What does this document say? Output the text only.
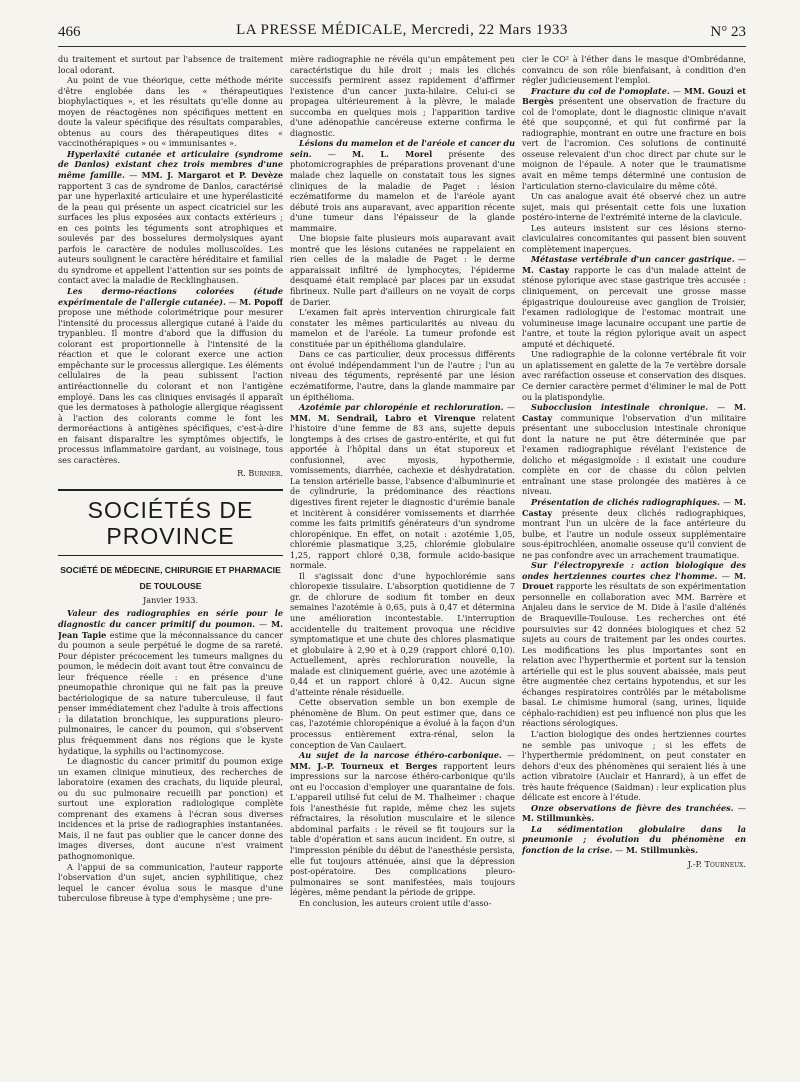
466	LA PRESSE MÉDICALE, Mercredi, 22 Mars 1933	N° 23

du traitement et surtout par l'absence de traitement local odorant.

Au point de vue théorique, cette méthode mérite d'être englobée dans les « thérapeutiques biophylactiques », et les résultats qu'elle donne au moyen de réactogènes non spécifiques mettent en doute la valeur spécifique des résultats comparables, obtenus au cours des thérapeutiques dites « vaccinothérapiques » ou « immunisantes ».

Hyperlaxité cutanée et articulaire (syndrome de Danlos) existant chez trois membres d'une même famille. — MM. J. Margarot et P. Devèze rapportent 3 cas de syndrome de Danlos, caractérisé par une hyperlaxité articulaire et une hyperélasticité de la peau qui présente un aspect cicatriciel sur les surfaces les plus exposées aux contacts extérieurs ; en ces points les téguments sont atrophiques et soulevés par des bosselures dermolysiques ayant parfois le caractère de nodules molluscoïdes. Les auteurs soulignent le caractère héréditaire et familial du syndrome et appellent l'attention sur ses points de contact avec la maladie de Recklinghausen.

Les dermo-réactions colorées (étude expérimentale de l'allergie cutanée). — M. Popoff propose une méthode colorimétrique pour mesurer l'intensité du processus allergique cutané à l'aide du trypanbleu. Il montre d'abord que la diffusion du colorant est proportionnelle à l'intensité de la réaction et que le colorant exerce une action empêchante sur le processus allergique. Les éléments cellulaires de la peau subissent l'action antiréactionnelle du colorant et non l'antigène employé. Dans les cas cliniques envisagés il apparaît que les dermatoses à pathologie allergique réagissent à l'action des colorants comme le font les dermoréactions à antigènes spécifiques, c'est-à-dire en faisant disparaître les symptômes objectifs, le processus inflammatoire gardant, au voisinage, tous ses caractères.

R. Burnier.

SOCIÉTÉS DE PROVINCE
SOCIÉTÉ DE MÉDECINE, CHIRURGIE ET PHARMACIE
DE TOULOUSE
Janvier 1933.

Valeur des radiographies en série pour le diagnostic du cancer primitif du poumon. — M. Jean Tapie estime que la méconnaissance du cancer du poumon a seule perpétué le dogme de sa rareté. Pour dépister précocement les tumeurs malignes du poumon, le médecin doit avant tout être convaincu de leur fréquence réelle : en présence d'une pneumopathie chronique qui ne fait pas la preuve bactériologique de sa nature tuberculeuse, il faut penser immédiatement chez l'adulte à trois affections : la dilatation bronchique, les suppurations pleuro-pulmonaires, le cancer du poumon, qui s'observent plus fréquemment dans nos régions que le kyste hydatique, la syphilis ou l'actinomycose.

Le diagnostic du cancer primitif du poumon exige un examen clinique minutieux, des recherches de laboratoire (examen des crachats, du liquide pleural, ou du suc pulmonaire recueilli par ponction) et surtout une exploration radiologique complète comprenant des examens à l'écran sous diverses incidences et la prise de radiographies instantanées. Mais, il ne faut pas oublier que le cancer donne des images diverses, dont aucune n'est vraiment pathognomonique.

A l'appui de sa communication, l'auteur rapporte l'observation d'un sujet, ancien syphilitique, chez lequel le cancer évolua sous le masque d'une tuberculose fibreuse à type d'emphysème ; une pre-

mière radiographie ne révéla qu'un empâtement peu caractéristique du hile droit ; mais les clichés successifs permirent assez rapidement d'affirmer l'existence d'un cancer juxta-hilaire. Celui-ci se propagea ultérieurement à la plèvre, le malade succomba en quelques mois ; l'apparition tardive d'une adénopathie cancéreuse externe confirma le diagnostic.

Lésions du mamelon et de l'aréole et cancer du sein. — M. L. Morel présente des photomicrographies de préparations provenant d'une malade chez laquelle on constatait tous les signes cliniques de la maladie de Paget : lésion eczématiforme du mamelon et de l'aréole ayant débuté trois ans auparavant, avec apparition récente d'une tumeur dans l'épaisseur de la glande mammaire.

Une biopsie faite plusieurs mois auparavant avait montré que les lésions cutanées ne rappelaient en rien celles de la maladie de Paget : le derme apparaissait infiltré de lymphocytes, l'épiderme desquamé était remplacé par places par un exsudat fibrineux. Nulle part d'ailleurs on ne voyait de corps de Darier.

L'examen fait après intervention chirurgicale fait constater les mêmes particularités au niveau du mamelon et de l'aréole. La tumeur profonde est constituée par un épithélioma glandulaire.

Dans ce cas particulier, deux processus différents ont évolué indépendamment l'un de l'autre ; l'un au niveau des téguments, représenté par une lésion eczématiforme, l'autre, dans la glande mammaire par un épithélioma.

Azotémie par chloropénie et rechloruration. — MM. M. Sendrail, Labro et Virenque relatent l'histoire d'une femme de 83 ans, sujette depuis longtemps à des crises de gastro-entérite, et qui fut apportée à l'hôpital dans un état stuporeux et confusionnel, avec myosis, hypothermie, vomissements, diarrhée, cachexie et déshydratation. La tension artérielle basse, l'absence d'albuminurie et de cylindrurie, la prédominance des réactions digestives firent rejeter le diagnostic d'urémie banale et incitèrent à considérer vomissements et diarrhée comme les faits primitifs générateurs d'un syndrome chloropénique. En effet, on notait : azotémie 1,05, chlorémie plasmatique 3,25, chlorémie globulaire 1,25, rapport chloré 0,38, formule acido-basique normale.

Il s'agissait donc d'une hypochlorémie sans chloropexie tissulaire. L'absorption quotidienne de 7 gr. de chlorure de sodium fit tomber en deux semaines l'azotémie à 0,65, puis à 0,47 et détermina une amélioration incontestable. L'interruption accidentelle du traitement provoqua une récidive symptomatique et une chute des chlores plasmatique et globulaire à 2,90 et à 0,29 (rapport chloré 0,10). Actuellement, après rechloruration nouvelle, la malade est cliniquement guérie, avec une azotémie à 0,44 et un rapport chloré à 0,42. Aucun signe d'atteinte rénale résiduelle.

Cette observation semble un bon exemple de phénomène de Blum. On peut estimer que, dans ce cas, l'azotémie chloropénique a évolué à la façon d'un processus entièrement extra-rénal, selon la conception de Van Caulaert.

Au sujet de la narcose éthéro-carbonique. — MM. J.-P. Tourneux et Berges rapportent leurs impressions sur la narcose éthéro-carbonique qu'ils ont eu l'occasion d'employer une quarantaine de fois. L'appareil utilisé fut celui de M. Thalheimer : chaque fois l'anesthésie fut rapide, même chez les sujets réfractaires, la résolution musculaire et le silence abdominal parfaits : le réveil se fit toujours sur la table d'opération et sans aucun incident. En outre, si l'impression pénible du début de l'anesthésie persista, elle fut toujours atténuée, ainsi que la dépression post-opératoire. Des complications pleuro-pulmonaires se sont manifestées, mais toujours légères, même pendant la période de grippe.

En conclusion, les auteurs croient utile d'asso-

cier le CO² à l'éther dans le masque d'Ombrédanne, convaincu de son rôle bienfaisant, à condition d'en régler judicieusement l'emploi.

Fracture du col de l'omoplate. — MM. Gouzi et Bergès présentent une observation de fracture du col de l'omoplate, dont le diagnostic clinique n'avait été que soupçonné, et qui fut confirmé par la radiographie, montrant en outre une fracture en bois vert de l'acromion. Ces solutions de continuité osseuse relevaient d'un choc direct par chute sur le moignon de l'épaule. A noter que le traumatisme avait en même temps déterminé une contusion de l'articulation sterno-claviculaire du même côté.

Un cas analogue avait été observé chez un autre sujet, mais qui présentait cette fois une luxation postéro-interne de l'extrémité interne de la clavicule.

Les auteurs insistent sur ces lésions sterno-claviculaires concomitantes qui passent bien souvent complètement inaperçues.

Métastase vertébrale d'un cancer gastrique. — M. Castay rapporte le cas d'un malade atteint de sténose pylorique avec stase gastrique très accusée : cliniquement, on percevait une grosse masse épigastrique douloureuse avec ganglion de Troisier, l'examen radiologique de l'estomac montrait une volumineuse image lacunaire occupant une partie de l'antre, et toute la région pylorique avait un aspect amputé et déchiqueté.

Une radiographie de la colonne vertébrale fit voir un aplatissement en galette de la 7e vertèbre dorsale avec raréfaction osseuse et conservation des disques. Ce dernier caractère permet d'éliminer le mal de Pott ou la platispondylie.

Subocclusion intestinale chronique. — M. Castay communique l'observation d'un militaire présentant une subocclusion intestinale chronique dont la nature ne put être déterminée que par l'examen radiographique révélant l'existence de dolicho et mégasigmoïde : il existait une coudure complète en cor de chasse du côlon pelvien entraînant une stase prolongée des matières à ce niveau.

Présentation de clichés radiographiques. — M. Castay présente deux clichés radiographiques, montrant l'un un ulcère de la face antérieure du bulbe, et l'autre un nodule osseux supplémentaire sous-épitrochléen, anomalie osseuse qu'il convient de ne pas confondre avec un arrachement traumatique.

Sur l'électropyrexie : action biologique des ondes hertziennes courtes chez l'homme. — M. Drouet rapporte les résultats de son expérimentation personnelle en collaboration avec MM. Barrère et Anjaleu dans le service de M. Dide à l'asile d'aliénés de Braqueville-Toulouse. Les recherches ont été poursuivies sur 42 données biologiques et chez 52 sujets au cours de traitement par les ondes courtes. Les modifications les plus importantes sont en relation avec l'hyperthermie et portent sur la tension artérielle qui est le plus souvent abaissée, mais peut être augmentée chez certains hypotendus, et sur les échanges respiratoires contrôlés par le métabolisme basal. Le chimisme humoral (sang, urines, liquide céphalo-rachidien) est peu influencé non plus que les réactions sérologiques.

L'action biologique des ondes hertziennes courtes ne semble pas univoque ; si les effets de l'hyperthermie prédominent, on peut constater en dehors d'eux des phénomènes qui seraient liés à une action vibratoire (Auclair et Hanrard), à un effet de très haute fréquence (Saidman) : leur explication plus délicate est encore à l'étude.

Onze observations de fièvre des tranchées. — M. Stillmunkès.

La sédimentation globulaire dans la pneumonie ; évolution du phénomène en fonction de la crise. — M. Stillmunkès.

J.-P. Tourneux.
